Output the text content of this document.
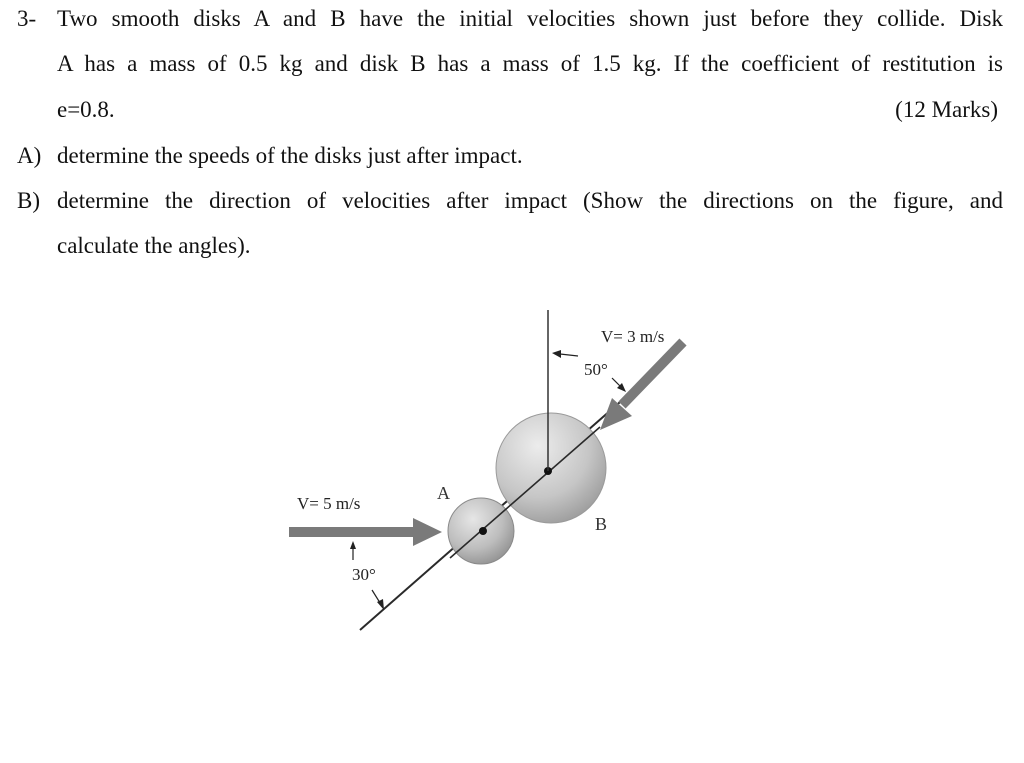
3- Two smooth disks A and B have the initial velocities shown just before they collide. Disk
A has a mass of 0.5 kg and disk B has a mass of 1.5 kg. If the coefficient of restitution is
e=0.8.	(12 Marks)
A) determine the speeds of the disks just after impact.
B) determine the direction of velocities after impact (Show the directions on the figure, and
calculate the angles).
V= 5 m/s
30°
A
V= 3 m/s
50°
B
